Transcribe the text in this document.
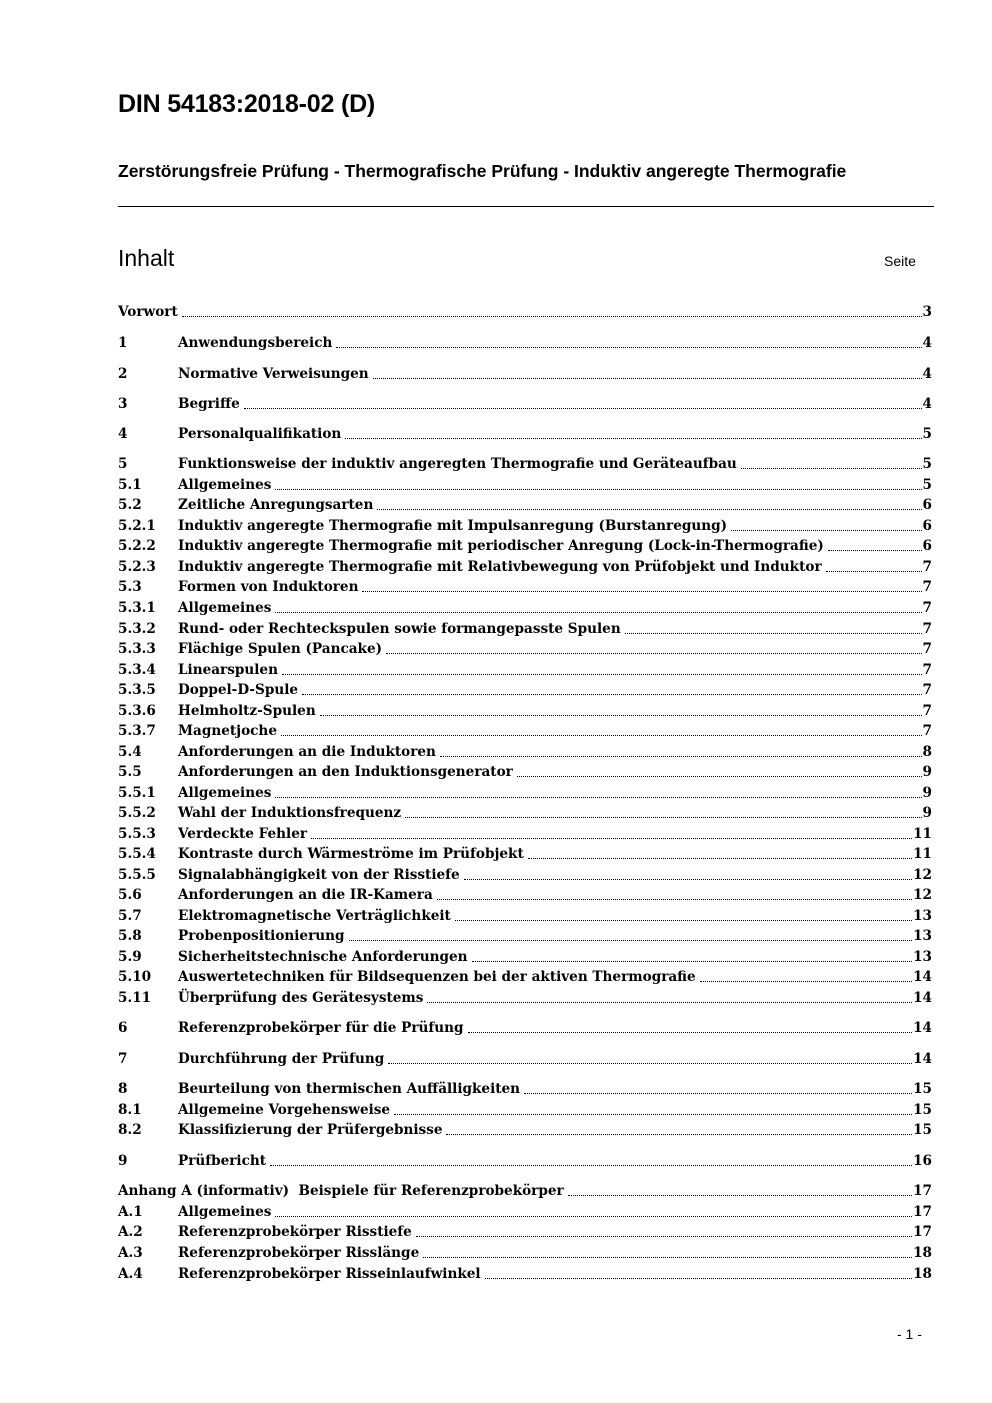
DIN 54183:2018-02 (D)
Zerstörungsfreie Prüfung - Thermografische Prüfung - Induktiv angeregte Thermografie
Inhalt	Seite
Vorwort	3
1	Anwendungsbereich	4
2	Normative Verweisungen	4
3	Begriffe	4
4	Personalqualifikation	5
5	Funktionsweise der induktiv angeregten Thermografie und Geräteaufbau	5
5.1	Allgemeines	5
5.2	Zeitliche Anregungsarten	6
5.2.1	Induktiv angeregte Thermografie mit Impulsanregung (Burstanregung)	6
5.2.2	Induktiv angeregte Thermografie mit periodischer Anregung (Lock-in-Thermografie)	6
5.2.3	Induktiv angeregte Thermografie mit Relativbewegung von Prüfobjekt und Induktor	7
5.3	Formen von Induktoren	7
5.3.1	Allgemeines	7
5.3.2	Rund- oder Rechteckspulen sowie formangepasste Spulen	7
5.3.3	Flächige Spulen (Pancake)	7
5.3.4	Linearspulen	7
5.3.5	Doppel-D-Spule	7
5.3.6	Helmholtz-Spulen	7
5.3.7	Magnetjoche	7
5.4	Anforderungen an die Induktoren	8
5.5	Anforderungen an den Induktionsgenerator	9
5.5.1	Allgemeines	9
5.5.2	Wahl der Induktionsfrequenz	9
5.5.3	Verdeckte Fehler	11
5.5.4	Kontraste durch Wärmeströme im Prüfobjekt	11
5.5.5	Signalabhängigkeit von der Risstiefe	12
5.6	Anforderungen an die IR-Kamera	12
5.7	Elektromagnetische Verträglichkeit	13
5.8	Probenpositionierung	13
5.9	Sicherheitstechnische Anforderungen	13
5.10	Auswertetechniken für Bildsequenzen bei der aktiven Thermografie	14
5.11	Überprüfung des Gerätesystems	14
6	Referenzprobekörper für die Prüfung	14
7	Durchführung der Prüfung	14
8	Beurteilung von thermischen Auffälligkeiten	15
8.1	Allgemeine Vorgehensweise	15
8.2	Klassifizierung der Prüfergebnisse	15
9	Prüfbericht	16
Anhang A (informativ)  Beispiele für Referenzprobekörper	17
A.1	Allgemeines	17
A.2	Referenzprobekörper Risstiefe	17
A.3	Referenzprobekörper Risslänge	18
A.4	Referenzprobekörper Risseinlaufwinkel	18
- 1 -
